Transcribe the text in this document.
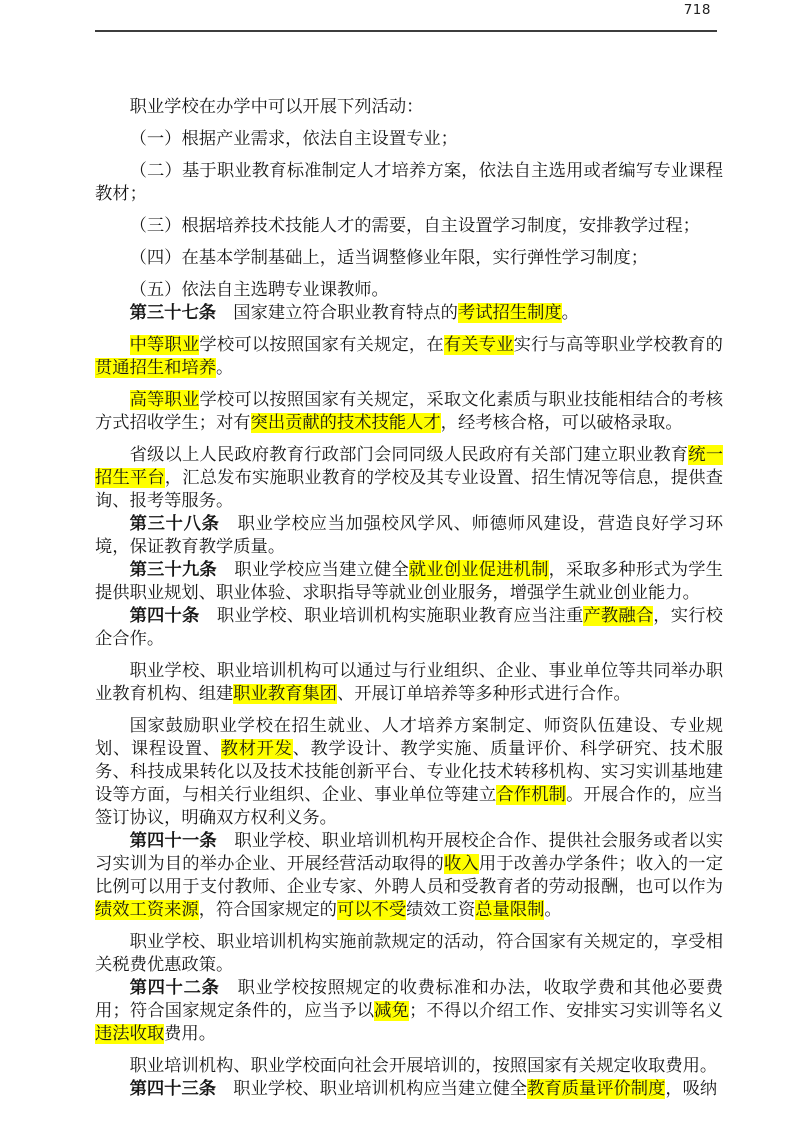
718

职业学校在办学中可以开展下列活动：

（一）根据产业需求，依法自主设置专业；

（二）基于职业教育标准制定人才培养方案，依法自主选用或者编写专业课程教材；

（三）根据培养技术技能人才的需要，自主设置学习制度，安排教学过程；

（四）在基本学制基础上，适当调整修业年限，实行弹性学习制度；

（五）依法自主选聘专业课教师。

第三十七条　国家建立符合职业教育特点的考试招生制度。

中等职业学校可以按照国家有关规定，在有关专业实行与高等职业学校教育的贯通招生和培养。

高等职业学校可以按照国家有关规定，采取文化素质与职业技能相结合的考核方式招收学生；对有突出贡献的技术技能人才，经考核合格，可以破格录取。

省级以上人民政府教育行政部门会同同级人民政府有关部门建立职业教育统一招生平台，汇总发布实施职业教育的学校及其专业设置、招生情况等信息，提供查询、报考等服务。

第三十八条　职业学校应当加强校风学风、师德师风建设，营造良好学习环境，保证教育教学质量。

第三十九条　职业学校应当建立健全就业创业促进机制，采取多种形式为学生提供职业规划、职业体验、求职指导等就业创业服务，增强学生就业创业能力。

第四十条　职业学校、职业培训机构实施职业教育应当注重产教融合，实行校企合作。

职业学校、职业培训机构可以通过与行业组织、企业、事业单位等共同举办职业教育机构、组建职业教育集团、开展订单培养等多种形式进行合作。

国家鼓励职业学校在招生就业、人才培养方案制定、师资队伍建设、专业规划、课程设置、教材开发、教学设计、教学实施、质量评价、科学研究、技术服务、科技成果转化以及技术技能创新平台、专业化技术转移机构、实习实训基地建设等方面，与相关行业组织、企业、事业单位等建立合作机制。开展合作的，应当签订协议，明确双方权利义务。

第四十一条　职业学校、职业培训机构开展校企合作、提供社会服务或者以实习实训为目的举办企业、开展经营活动取得的收入用于改善办学条件；收入的一定比例可以用于支付教师、企业专家、外聘人员和受教育者的劳动报酬，也可以作为绩效工资来源，符合国家规定的可以不受绩效工资总量限制。

职业学校、职业培训机构实施前款规定的活动，符合国家有关规定的，享受相关税费优惠政策。

第四十二条　职业学校按照规定的收费标准和办法，收取学费和其他必要费用；符合国家规定条件的，应当予以减免；不得以介绍工作、安排实习实训等名义违法收取费用。

职业培训机构、职业学校面向社会开展培训的，按照国家有关规定收取费用。

第四十三条　职业学校、职业培训机构应当建立健全教育质量评价制度，吸纳
